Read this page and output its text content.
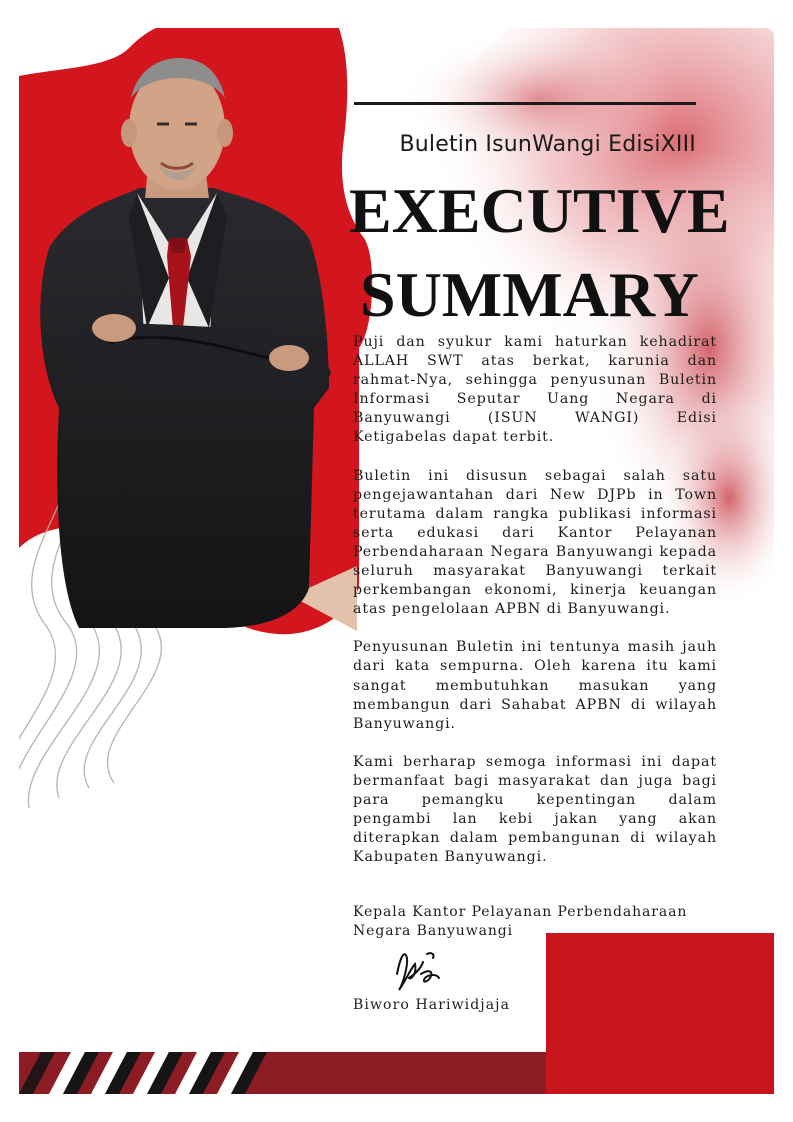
Buletin IsunWangi EdisiXIII
EXECUTIVE
SUMMARY

Puji dan syukur kami haturkan kehadirat ALLAH SWT atas berkat, karunia dan rahmat-Nya, sehingga penyusunan Buletin Informasi Seputar Uang Negara di Banyuwangi (ISUN WANGI) Edisi Ketigabelas dapat terbit.

Buletin ini disusun sebagai salah satu pengejawantahan dari New DJPb in Town terutama dalam rangka publikasi informasi serta edukasi dari Kantor Pelayanan Perbendaharaan Negara Banyuwangi kepada seluruh masyarakat Banyuwangi terkait perkembangan ekonomi, kinerja keuangan atas pengelolaan APBN di Banyuwangi.

Penyusunan Buletin ini tentunya masih jauh dari kata sempurna. Oleh karena itu kami sangat membutuhkan masukan yang membangun dari Sahabat APBN di wilayah Banyuwangi.

Kami berharap semoga informasi ini dapat bermanfaat bagi masyarakat dan juga bagi para pemangku kepentingan dalam pengambi lan kebi jakan yang akan diterapkan dalam pembangunan di wilayah Kabupaten Banyuwangi.

Kepala Kantor Pelayanan Perbendaharaan Negara Banyuwangi
Biworo Hariwidjaja
